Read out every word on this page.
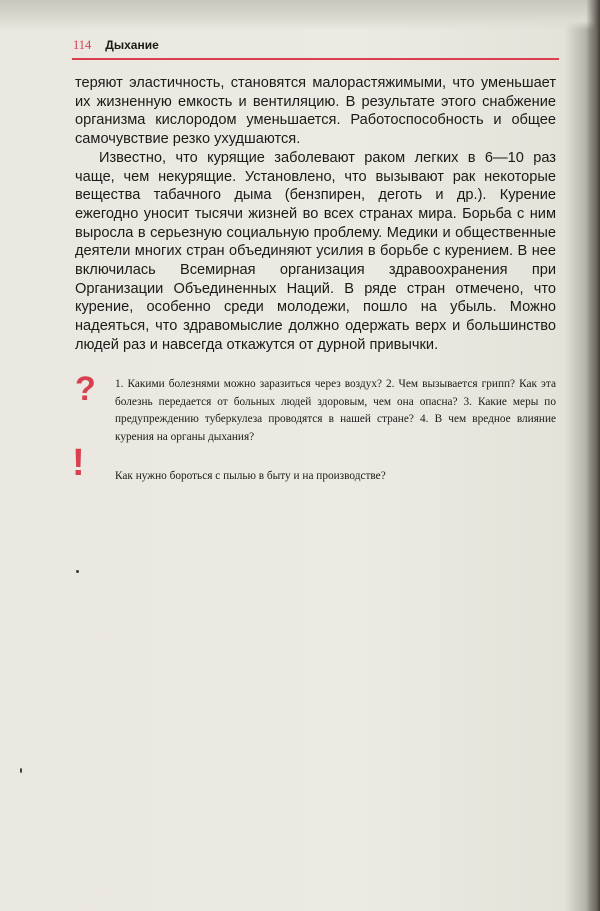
114 Дыхание

теряют эластичность, становятся малорастяжимыми, что уменьшает их жизненную емкость и вентиляцию. В результате этого снабжение организма кислородом уменьшается. Работоспособность и общее самочувствие резко ухудшаются.

Известно, что курящие заболевают раком легких в 6—10 раз чаще, чем некурящие. Установлено, что вызывают рак некоторые вещества табачного дыма (бензпирен, деготь и др.). Курение ежегодно уносит тысячи жизней во всех странах мира. Борьба с ним выросла в серьезную социальную проблему. Медики и общественные деятели многих стран объединяют усилия в борьбе с курением. В нее включилась Всемирная организация здравоохранения при Организации Объединенных Наций. В ряде стран отмечено, что курение, особенно среди молодежи, пошло на убыль. Можно надеяться, что здравомыслие должно одержать верх и большинство людей раз и навсегда откажутся от дурной привычки.

? 1. Какими болезнями можно заразиться через воздух? 2. Чем вызывается грипп? Как эта болезнь передается от больных людей здоровым, чем она опасна? 3. Какие меры по предупреждению туберкулеза проводятся в нашей стране? 4. В чем вредное влияние курения на органы дыхания?

!	Как нужно бороться с пылью в быту и на производстве?
